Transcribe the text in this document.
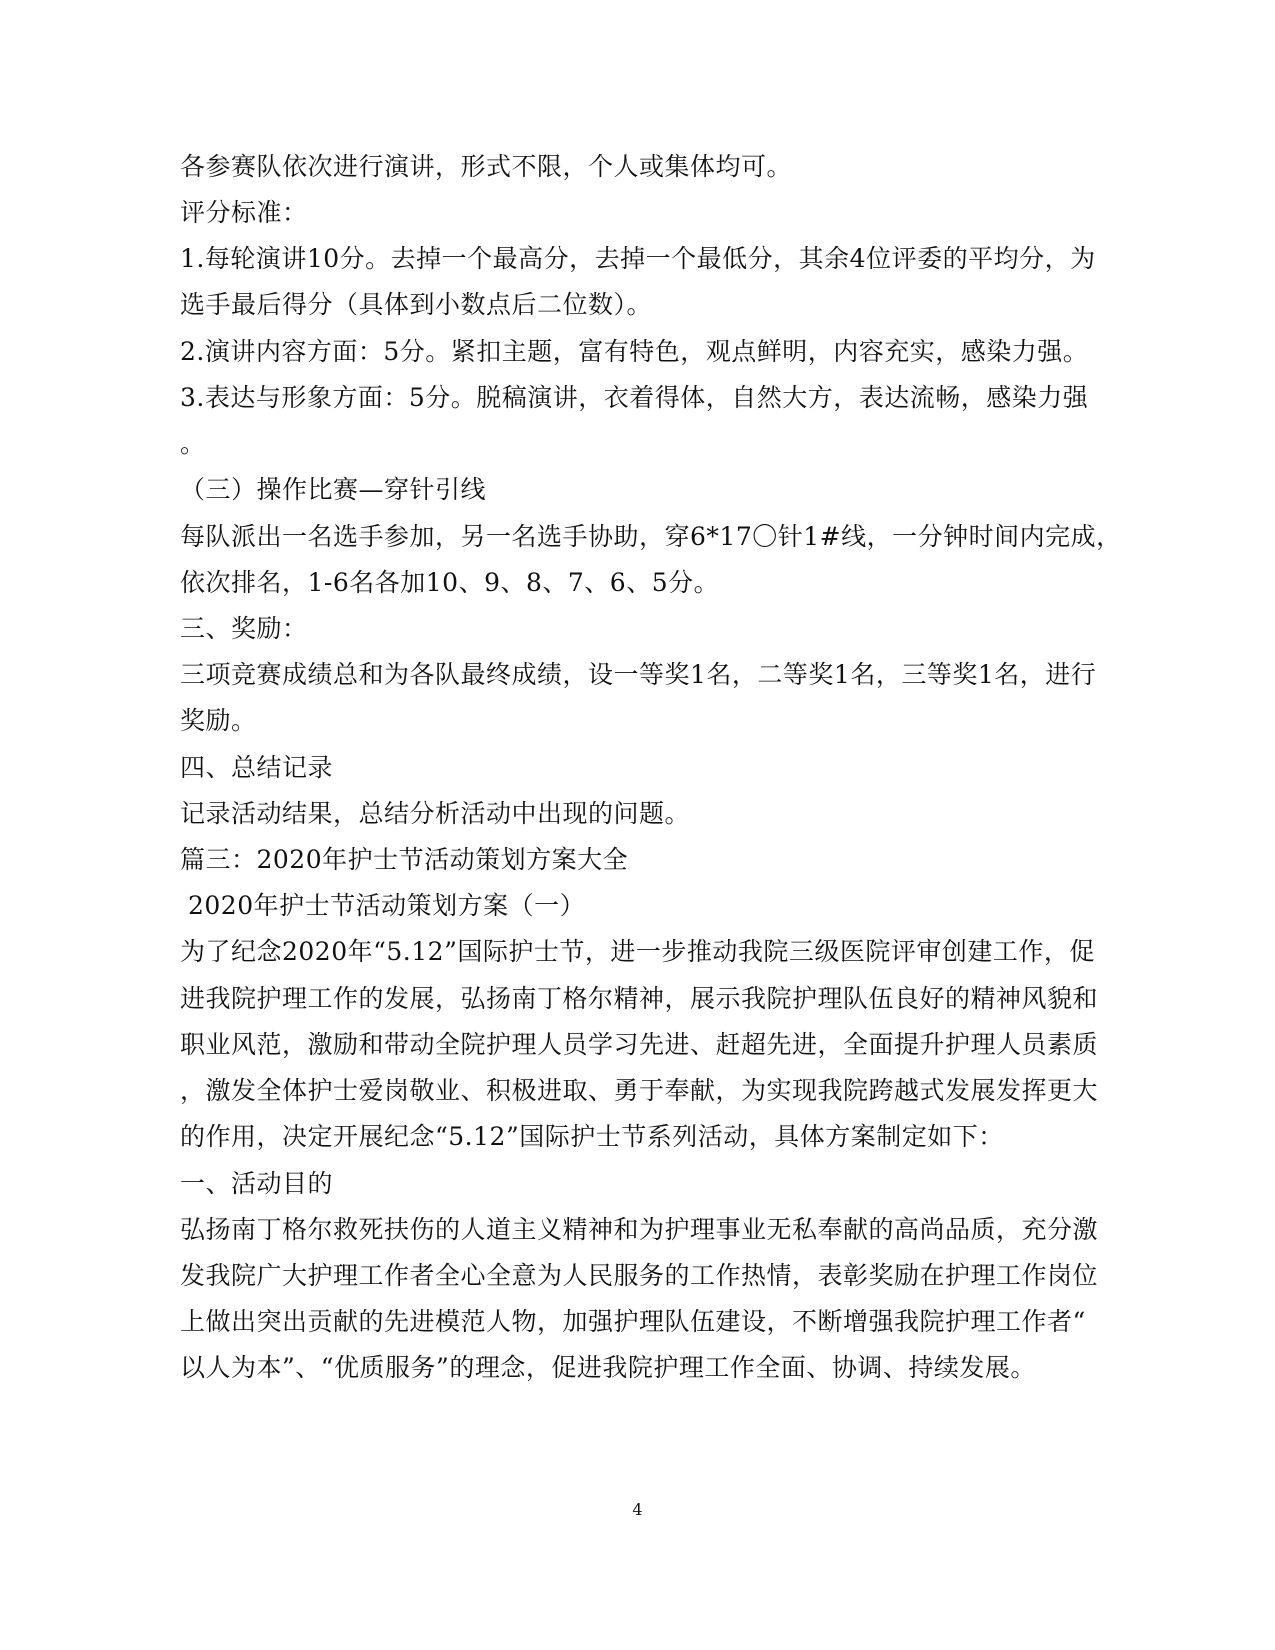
各参赛队依次进行演讲，形式不限，个人或集体均可。
评分标准：
1.每轮演讲10分。去掉一个最高分，去掉一个最低分，其余4位评委的平均分，为
选手最后得分（具体到小数点后二位数）。
2.演讲内容方面：5分。紧扣主题，富有特色，观点鲜明，内容充实，感染力强。
3.表达与形象方面：5分。脱稿演讲，衣着得体，自然大方，表达流畅，感染力强
。
（三）操作比赛—穿针引线
每队派出一名选手参加，另一名选手协助，穿6*17〇针1#线，一分钟时间内完成，
依次排名，1-6名各加10、9、8、7、6、5分。
三、奖励：
三项竞赛成绩总和为各队最终成绩，设一等奖1名，二等奖1名，三等奖1名，进行
奖励。
四、总结记录
记录活动结果，总结分析活动中出现的问题。
篇三：2020年护士节活动策划方案大全
2020年护士节活动策划方案（一）
为了纪念2020年“5.12”国际护士节，进一步推动我院三级医院评审创建工作，促
进我院护理工作的发展，弘扬南丁格尔精神，展示我院护理队伍良好的精神风貌和
职业风范，激励和带动全院护理人员学习先进、赶超先进，全面提升护理人员素质
，激发全体护士爱岗敬业、积极进取、勇于奉献，为实现我院跨越式发展发挥更大
的作用，决定开展纪念“5.12”国际护士节系列活动，具体方案制定如下：
一、活动目的
弘扬南丁格尔救死扶伤的人道主义精神和为护理事业无私奉献的高尚品质，充分激
发我院广大护理工作者全心全意为人民服务的工作热情，表彰奖励在护理工作岗位
上做出突出贡献的先进模范人物，加强护理队伍建设，不断增强我院护理工作者“
以人为本”、“优质服务”的理念，促进我院护理工作全面、协调、持续发展。
4
